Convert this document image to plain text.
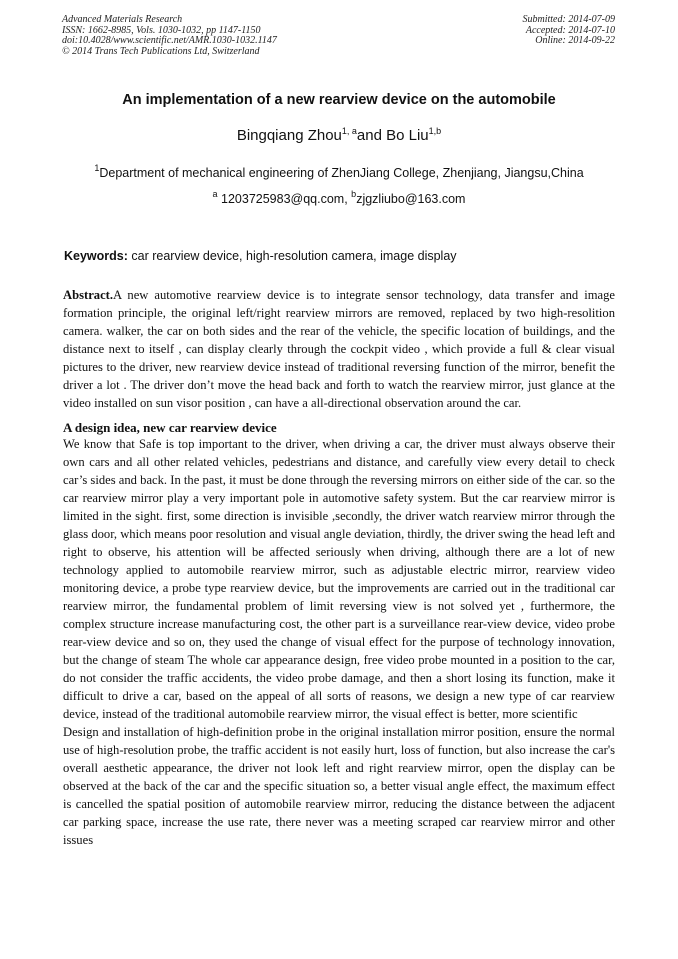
Advanced Materials Research
ISSN: 1662-8985, Vols. 1030-1032, pp 1147-1150
doi:10.4028/www.scientific.net/AMR.1030-1032.1147
© 2014 Trans Tech Publications Ltd, Switzerland
Submitted: 2014-07-09
Accepted: 2014-07-10
Online: 2014-09-22
An implementation of a new rearview device on the automobile
Bingqiang Zhou$^{1, a}$and Bo Liu$^{1,b}$
$^1$Department of mechanical engineering of ZhenJiang College, Zhenjiang, Jiangsu,China
$^a$ 1203725983@qq.com, $^b$zjgzliubo@163.com
Keywords: car rearview device, high-resolution camera, image display

Abstract.A new automotive rearview device is to integrate sensor technology, data transfer and image formation principle, the original left/right rearview mirrors are removed, replaced by two high-resolition camera. walker, the car on both sides and the rear of the vehicle, the specific location of buildings, and the distance next to itself , can display clearly through the cockpit video , which provide a full & clear visual pictures to the driver, new rearview device instead of traditional reversing function of the mirror, benefit the driver a lot . The driver don’t move the head back and forth to watch the rearview mirror, just glance at the video installed on sun visor position , can have a all-directional observation around the car.

A design idea, new car rearview device

We know that Safe is top important to the driver, when driving a car, the driver must always observe their own cars and all other related vehicles, pedestrians and distance, and carefully view every detail to check car’s sides and back. In the past, it must be done through the reversing mirrors on either side of the car. so the car rearview mirror play a very important pole in automotive safety system. But the car rearview mirror is limited in the sight. first, some direction is invisible ,secondly, the driver watch rearview mirror through the glass door, which means poor resolution and visual angle deviation, thirdly, the driver swing the head left and right to observe, his attention will be affected seriously when driving, although there are a lot of new technology applied to automobile rearview mirror, such as adjustable electric mirror, rearview video monitoring device, a probe type rearview device, but the improvements are carried out in the traditional car rearview mirror, the fundamental problem of limit reversing view is not solved yet , furthermore, the complex structure increase manufacturing cost, the other part is a surveillance rear-view device, video probe rear-view device and so on, they used the change of visual effect for the purpose of technology innovation, but the change of steam The whole car appearance design, free video probe mounted in a position to the car, do not consider the traffic accidents, the video probe damage, and then a short losing its function, make it difficult to drive a car, based on the appeal of all sorts of reasons, we design a new type of car rearview device, instead of the traditional automobile rearview mirror, the visual effect is better, more scientific

Design and installation of high-definition probe in the original installation mirror position, ensure the normal use of high-resolution probe, the traffic accident is not easily hurt, loss of function, but also increase the car's overall aesthetic appearance, the driver not look left and right rearview mirror, open the display can be observed at the back of the car and the specific situation so, a better visual angle effect, the maximum effect is cancelled the spatial position of automobile rearview mirror, reducing the distance between the adjacent car parking space, increase the use rate, there never was a meeting scraped car rearview mirror and other issues
